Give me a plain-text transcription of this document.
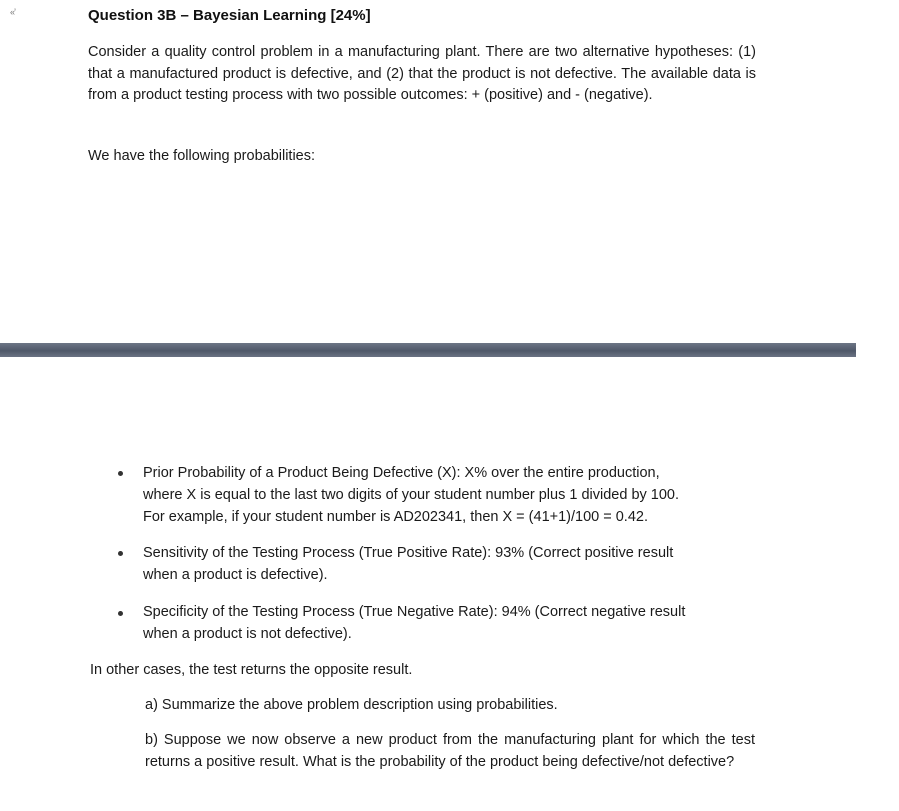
«̓	Question 3B – Bayesian Learning [24%]

Consider a quality control problem in a manufacturing plant. There are two alternative hypotheses: (1) that a manufactured product is defective, and (2) that the product is not defective. The available data is from a product testing process with two possible outcomes: + (positive) and - (negative).

We have the following probabilities:

Prior Probability of a Product Being Defective (X): X% over the entire production,
where X is equal to the last two digits of your student number plus 1 divided by 100.
For example, if your student number is AD202341, then X = (41+1)/100 = 0.42.

Sensitivity of the Testing Process (True Positive Rate): 93% (Correct positive result
when a product is defective).

Specificity of the Testing Process (True Negative Rate): 94% (Correct negative result
when a product is not defective).

In other cases, the test returns the opposite result.

a) Summarize the above problem description using probabilities.

b) Suppose we now observe a new product from the manufacturing plant for which the test returns a positive result. What is the probability of the product being defective/not defective?
